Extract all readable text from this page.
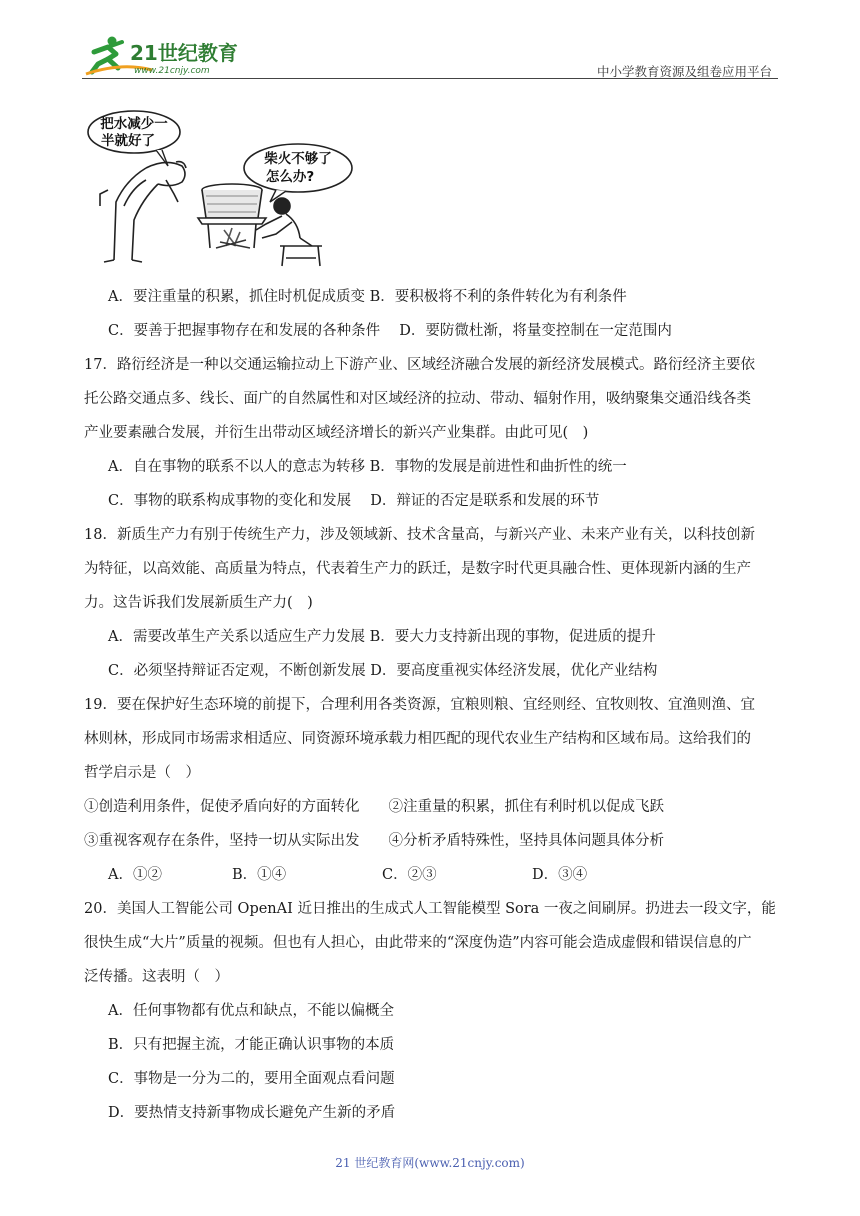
21世纪教育
www.21cnjy.com	中小学教育资源及组卷应用平台
把水减少一
半就好了
柴火不够了
怎么办?
A．要注重量的积累，抓住时机促成质变 B．要积极将不利的条件转化为有利条件
C．要善于把握事物存在和发展的各种条件　 D．要防微杜渐，将量变控制在一定范围内
17．路衍经济是一种以交通运输拉动上下游产业、区域经济融合发展的新经济发展模式。路衍经济主要依
托公路交通点多、线长、面广的自然属性和对区域经济的拉动、带动、辐射作用，吸纳聚集交通沿线各类
产业要素融合发展，并衍生出带动区域经济增长的新兴产业集群。由此可见(　)
A．自在事物的联系不以人的意志为转移 B．事物的发展是前进性和曲折性的统一
C．事物的联系构成事物的变化和发展　 D．辩证的否定是联系和发展的环节
18．新质生产力有别于传统生产力，涉及领域新、技术含量高，与新兴产业、未来产业有关，以科技创新
为特征，以高效能、高质量为特点，代表着生产力的跃迁，是数字时代更具融合性、更体现新内涵的生产
力。这告诉我们发展新质生产力(　)
A．需要改革生产关系以适应生产力发展 B．要大力支持新出现的事物，促进质的提升
C．必须坚持辩证否定观，不断创新发展 D．要高度重视实体经济发展，优化产业结构
19．要在保护好生态环境的前提下，合理利用各类资源，宜粮则粮、宜经则经、宜牧则牧、宜渔则渔、宜
林则林，形成同市场需求相适应、同资源环境承载力相匹配的现代农业生产结构和区域布局。这给我们的
哲学启示是（　）
①创造利用条件，促使矛盾向好的方面转化　　②注重量的积累，抓住有利时机以促成飞跃
③重视客观存在条件，坚持一切从实际出发　　④分析矛盾特殊性，坚持具体问题具体分析
A．①②	B．①④	C．②③	D．③④
20．美国人工智能公司 OpenAI 近日推出的生成式人工智能模型 Sora 一夜之间刷屏。扔进去一段文字，能
很快生成“大片”质量的视频。但也有人担心，由此带来的“深度伪造”内容可能会造成虚假和错误信息的广
泛传播。这表明（　）
A．任何事物都有优点和缺点，不能以偏概全
B．只有把握主流，才能正确认识事物的本质
C．事物是一分为二的，要用全面观点看问题
D．要热情支持新事物成长避免产生新的矛盾
21 世纪教育网(www.21cnjy.com)
